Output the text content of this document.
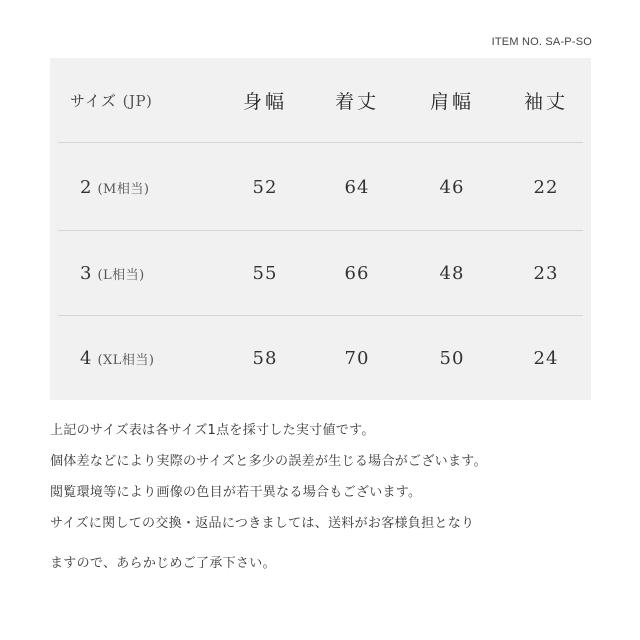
ITEM NO. SA-P-SO
サイズ (JP)	身幅	着丈	肩幅	袖丈
2 (M相当)	52	64	46	22
3 (L相当)	55	66	48	23
4 (XL相当)	58	70	50	24
上記のサイズ表は各サイズ1点を採寸した実寸値です。
個体差などにより実際のサイズと多少の誤差が生じる場合がございます。
閲覧環境等により画像の色目が若干異なる場合もございます。
サイズに関しての交換・返品につきましては、送料がお客様負担となり
ますので、あらかじめご了承下さい。
